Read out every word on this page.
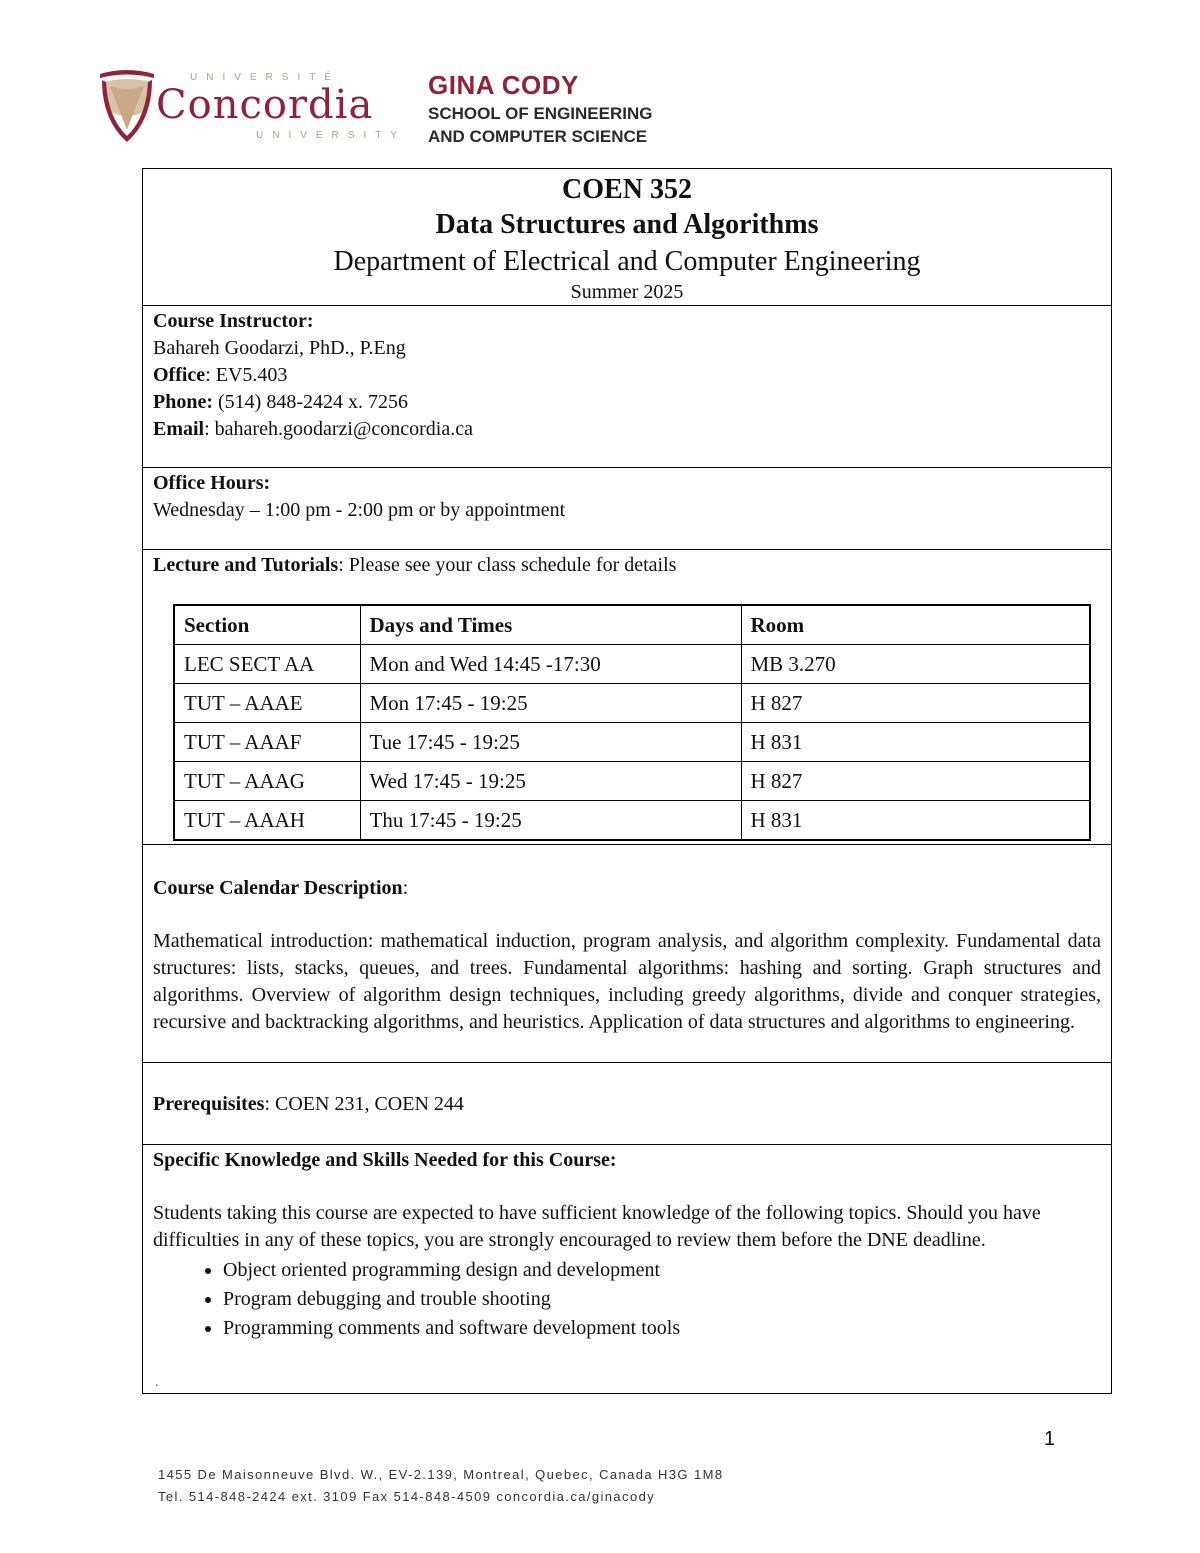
UNIVERSITÉ
Concordia
UNIVERSITY
GINA CODY
SCHOOL OF ENGINEERING
AND COMPUTER SCIENCE
COEN 352
Data Structures and Algorithms
Department of Electrical and Computer Engineering
Summer 2025
Course Instructor:
Bahareh Goodarzi, PhD., P.Eng
Office: EV5.403
Phone: (514) 848-2424 x. 7256
Email: bahareh.goodarzi@concordia.ca
Office Hours:
Wednesday – 1:00 pm - 2:00 pm or by appointment
Lecture and Tutorials: Please see your class schedule for details
Section	Days and Times	Room
LEC SECT AA	Mon and Wed 14:45 -17:30	MB 3.270
TUT – AAAE	Mon 17:45 - 19:25	H 827
TUT – AAAF	Tue 17:45 - 19:25	H 831
TUT – AAAG	Wed 17:45 - 19:25	H 827
TUT – AAAH	Thu 17:45 - 19:25	H 831
Course Calendar Description:
Mathematical introduction: mathematical induction, program analysis, and algorithm complexity. Fundamental data structures: lists, stacks, queues, and trees. Fundamental algorithms: hashing and sorting. Graph structures and algorithms. Overview of algorithm design techniques, including greedy algorithms, divide and conquer strategies, recursive and backtracking algorithms, and heuristics. Application of data structures and algorithms to engineering.
Prerequisites: COEN 231, COEN 244
Specific Knowledge and Skills Needed for this Course:
Students taking this course are expected to have sufficient knowledge of the following topics. Should you have difficulties in any of these topics, you are strongly encouraged to review them before the DNE deadline.
• Object oriented programming design and development
• Program debugging and trouble shooting
• Programming comments and software development tools
.
1
1455 De Maisonneuve Blvd. W., EV-2.139, Montreal, Quebec, Canada H3G 1M8
Tel. 514-848-2424 ext. 3109 Fax 514-848-4509 concordia.ca/ginacody
